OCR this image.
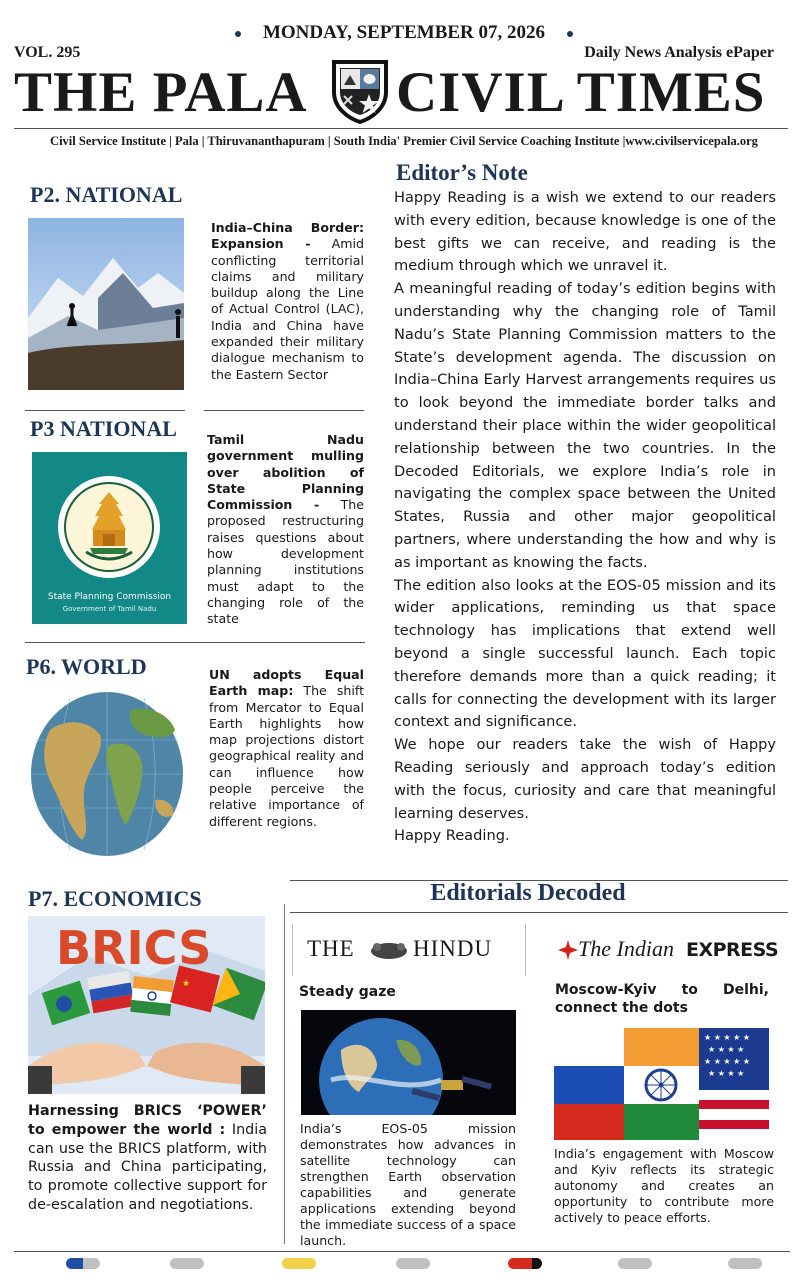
MONDAY, SEPTEMBER 07, 2026
VOL. 295	Daily News Analysis ePaper
THE PALA CIVIL TIMES
Civil Service Institute | Pala | Thiruvananthapuram | South India' Premier Civil Service Coaching Institute |www.civilservicepala.org
P2. NATIONAL
India–China Border: Expansion - Amid conflicting territorial claims and military buildup along the Line of Actual Control (LAC), India and China have expanded their military dialogue mechanism to the Eastern Sector
P3 NATIONAL
State Planning Commission
Government of Tamil Nadu
Tamil Nadu government mulling over abolition of State Planning Commission - The proposed restructuring raises questions about how development planning institutions must adapt to the changing role of the state
P6. WORLD	UN adopts Equal Earth map: The shift from Mercator to Equal Earth highlights how map projections distort geographical reality and can influence how people perceive the relative importance of different regions.
Editor’s Note

Happy Reading is a wish we extend to our readers with every edition, because knowledge is one of the best gifts we can receive, and reading is the medium through which we unravel it.

A meaningful reading of today’s edition begins with understanding why the changing role of Tamil Nadu’s State Planning Commission matters to the State’s development agenda. The discussion on India–China Early Harvest arrangements requires us to look beyond the immediate border talks and understand their place within the wider geopolitical relationship between the two countries. In the Decoded Editorials, we explore India’s role in navigating the complex space between the United States, Russia and other major geopolitical partners, where understanding the how and why is as important as knowing the facts.

The edition also looks at the EOS-05 mission and its wider applications, reminding us that space technology has implications that extend well beyond a single successful launch. Each topic therefore demands more than a quick reading; it calls for connecting the development with its larger context and significance.

We hope our readers take the wish of Happy Reading seriously and approach today’s edition with the focus, curiosity and care that meaningful learning deserves.

Happy Reading.

P7. ECONOMICS
★
BRICS
Harnessing BRICS ‘POWER’ to empower the world : India can use the BRICS platform, with Russia and China participating, to promote collective support for de-escalation and negotiations.
Editorials Decoded
THE	HINDU
Steady gaze
India’s EOS-05 mission demonstrates how advances in satellite technology can strengthen Earth observation capabilities and generate applications extending beyond the immediate success of a space launch.
The Indian EXPRESS
Moscow-Kyiv to Delhi, connect the dots
★ ★ ★ ★ ★
★ ★ ★ ★
★ ★ ★ ★ ★
★ ★ ★ ★
India’s engagement with Moscow and Kyiv reflects its strategic autonomy and creates an opportunity to contribute more actively to peace efforts.
